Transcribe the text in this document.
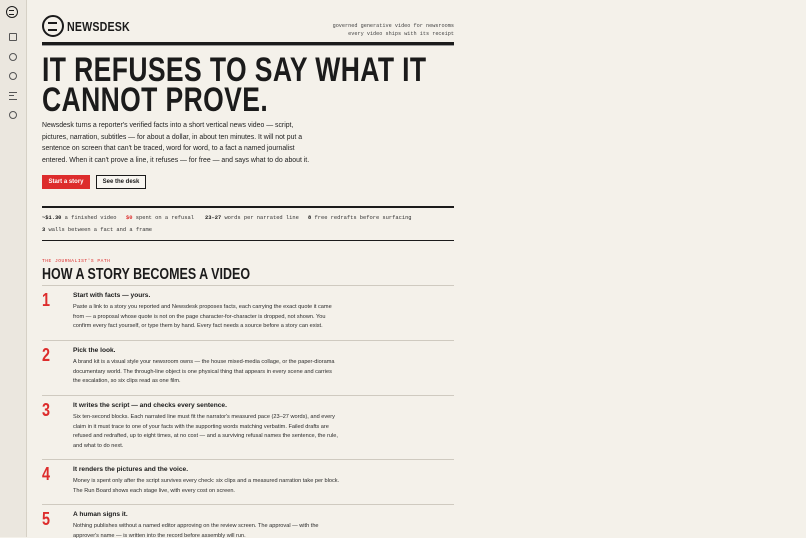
NEWSDESK	governed generative video for newsrooms
every video ships with its receipt
IT REFUSES TO SAY WHAT IT CANNOT PROVE.
Newsdesk turns a reporter's verified facts into a short vertical news video — script, pictures, narration, subtitles — for about a dollar, in about ten minutes. It will not put a sentence on screen that can't be traced, word for word, to a fact a named journalist entered. When it can't prove a line, it refuses — for free — and says what to do about it.
Start a story	See the desk
~$1.30 a finished video $0 spent on a refusal 23–27 words per narrated line 8 free redrafts before surfacing
3 walls between a fact and a frame
THE JOURNALIST'S PATH
HOW A STORY BECOMES A VIDEO
1	Start with facts — yours.
Paste a link to a story you reported and Newsdesk proposes facts, each carrying the exact quote it came from — a proposal whose quote is not on the page character-for-character is dropped, not shown. You confirm every fact yourself, or type them by hand. Every fact needs a source before a story can exist.
2	Pick the look.
A brand kit is a visual style your newsroom owns — the house mixed-media collage, or the paper-diorama documentary world. The through-line object is one physical thing that appears in every scene and carries the escalation, so six clips read as one film.
3	It writes the script — and checks every sentence.
Six ten-second blocks. Each narrated line must fit the narrator's measured pace (23–27 words), and every claim in it must trace to one of your facts with the supporting words matching verbatim. Failed drafts are refused and redrafted, up to eight times, at no cost — and a surviving refusal names the sentence, the rule, and what to do next.
4	It renders the pictures and the voice.
Money is spent only after the script survives every check: six clips and a measured narration take per block. The Run Board shows each stage live, with every cost on screen.
5	A human signs it.
Nothing publishes without a named editor approving on the review screen. The approval — with the approver's name — is written into the record before assembly will run.
